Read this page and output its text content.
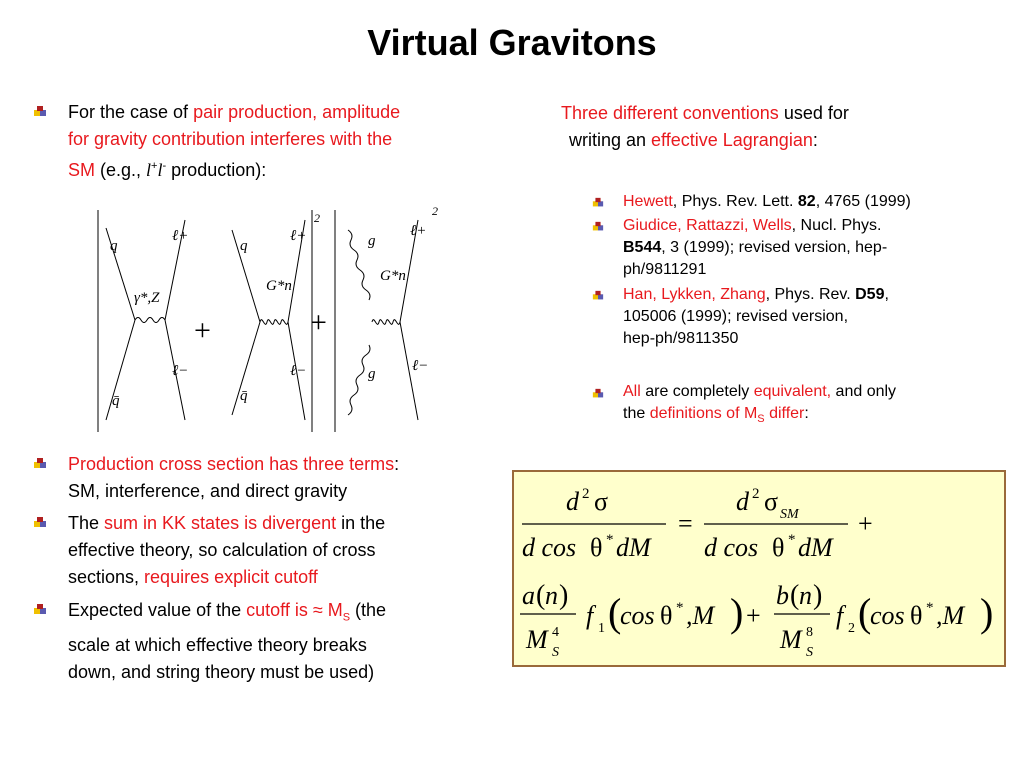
Virtual Gravitons
For the case of pair production, amplitude
for gravity contribution interferes with the
SM (e.g., l+l- production):
q
q̄
ℓ+
ℓ−
γ*,Z
q
q̄
ℓ+
ℓ−
G*n
2
g
g
ℓ+
ℓ−
G*n
2
+	+
Production cross section has three terms:
SM, interference, and direct gravity
The sum in KK states is divergent in the
effective theory, so calculation of cross
sections, requires explicit cutoff
Expected value of the cutoff is ≈ $M_S$ (the
scale at which effective theory breaks
down, and string theory must be used)
Three different conventions used for
writing an effective Lagrangian:
Hewett, Phys. Rev. Lett. 82, 4765 (1999)
Giudice, Rattazzi, Wells, Nucl. Phys.
B544, 3 (1999); revised version, hep-
ph/9811291
Han, Lykken, Zhang, Phys. Rev. D59,
105006 (1999); revised version,
hep-ph/9811350
All are completely equivalent, and only
the definitions of $M_S$ differ:
d 2 σ
d cos θ * dM
=
d 2 σ SM
d cos θ * dM
+
a ( n )
M 4
S
f 1 (
cos θ * ,M ) +
b ( n )
M 8
S
f 2 (
cos θ * ,M )
